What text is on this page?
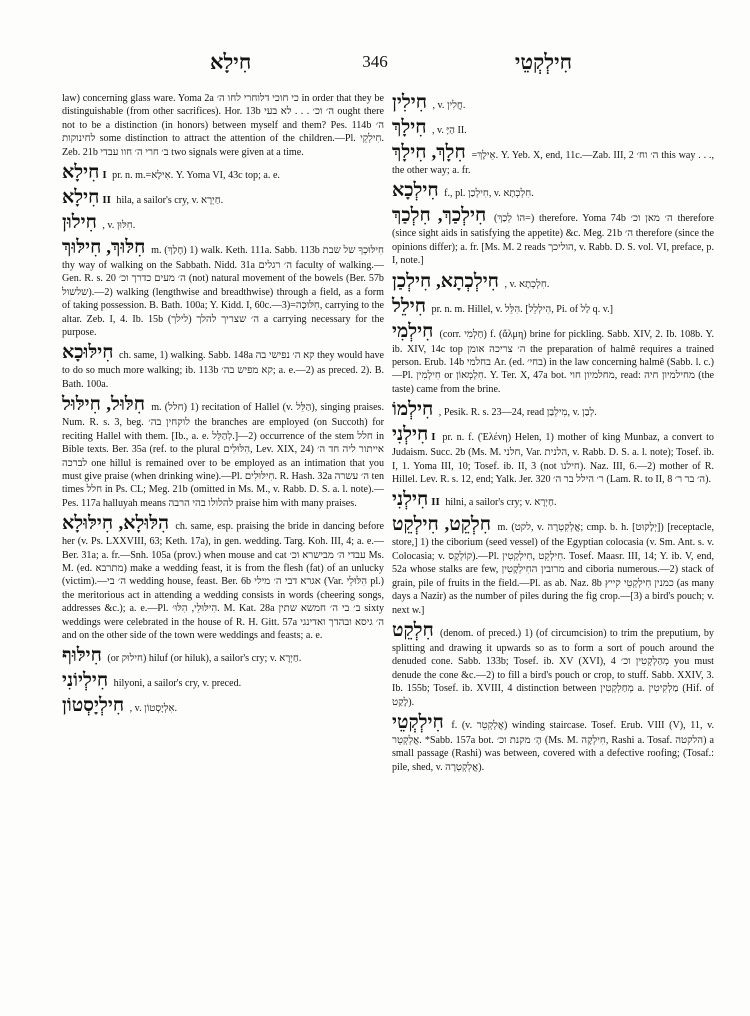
חִילָא	346	חִילְקְטֵי

law) concerning glass ware. Yoma 2a כי חוכי דלוחרי לחו ה׳ in order that they be distinguishable (from other sacrifices). Hor. 13b ה׳ וכ׳ . . . לא בעי ought there not to be a distinction (in honors) between myself and them? Pes. 114b ה׳ לחינוקות some distinction to attract the attention of the children.—Pl. חִילְקֵי. Zeb. 21b ב׳ חרי ה׳ חוו עבדי two signals were given at a time.

חִילָא I pr. n. m.=אִילָא. Y. Yoma VI, 43c top; a. e.

חִילָא II hila, a sailor's cry, v. חַיְרָא.

חִילוּן , v. חִלּוּן.

חִלּוּךְ, חִילּוּךְ m. (חָלַךְ) 1) walk. Keth. 111a. Sabb. 113b חִילּוּכְךָ של שבת thy way of walking on the Sabbath. Nidd. 31a ה׳ רגלים faculty of walking.—Gen. R. s. 20 ה׳ מעים כדרך וכ׳ (not) natural movement of the bowels (Ber. 57b שלשול).—2) walking (lengthwise and breadthwise) through a field, as a form of taking possession. B. Bath. 100a; Y. Kidd. I, 60c.—3)=חִלּוּכָה, carrying to the altar. Zeb. I, 4. Ib. 15b (לילך) ה׳ שצריך להלך a carrying necessary for the purpose.

חִילּוּכָא ch. same, 1) walking. Sabb. 148a קא ה׳ נפישי בה they would have to do so much more walking; ib. 113b קא מפיש בה׳; a. e.—2) as preced. 2). B. Bath. 100a.

חִלּוּל, חִילּוּל m. (חלל) 1) recitation of Hallel (v. הַלֵּל), singing praises. Num. R. s. 3, beg. לוקחין בה׳ the branches are employed (on Succoth) for reciting Hallel with them. [Ib., a. e. לְהַלֵּל.]—2) occurrence of the stem חלל in Bible texts. Ber. 35a (ref. to the plural הִלּוּלִים, Lev. XIX, 24) אייתור ליה חד ה׳ לברכה one hillul is remained over to be employed as an intimation that you must give praise (when drinking wine).—Pl. חִילּוּלִים. R. Hash. 32a ה׳ עשרה ten times חלל in Ps. CL; Meg. 21b (omitted in Ms. M., v. Rabb. D. S. a. l. note).—Pes. 117a halluyah means להלולו בהי הרבה praise him with many praises.

הִלּוּלָא, חִילּוּלָא ch. same, esp. praising the bride in dancing before her (v. Ps. LXXVIII, 63; Keth. 17a), in gen. wedding. Targ. Koh. III, 4; a. e.—Ber. 31a; a. fr.—Snh. 105a (prov.) when mouse and cat עבדי ה׳ מבישרא וכ׳ Ms. M. (ed. מתרבא) make a wedding feast, it is from the flesh (fat) of an unlucky (victim).—ה׳ בי wedding house, feast. Ber. 6b אגרא דבי ה׳ מילי (Var. הִלּוּלֵי pl.) the meritorious act in attending a wedding consists in words (cheering songs, addresses &c.); a. e.—Pl. הִילּוּלֵי, הִלּוּ׳. M. Kat. 28a ב׳ בי ה׳ חמשא שתין sixty weddings were celebrated in the house of R. H. Gitt. 57a ה׳ גיסא ובהדך ואדינגי and on the other side of the town were weddings and feasts; a. e.

חִילּוּף (or חילוּק) hiluf (or hiluk), a sailor's cry; v. חַיְרָא.

חִילְיוֹנִי hilyoni, a sailor's cry, v. preced.

חִילְיָסְטוֹן , v. אִלְיָסְטוֹן.

חִילִין , v. חֲלִין.

חִילָךְ , v. הַיָּ II.

חִלָךְ, חִילָךְ =אֵילָךְ. Y. Yeb. X, end, 11c.—Zab. III, 2 ה׳ וח׳ this way . . ., the other way; a. fr.

חִילְכָא f., pl. חִילְכַן, v. חִלְכְתָא.

חִילְכַךְ, חִלְכַךְ (הוֹ לְכַךְ=) therefore. Yoma 74b ה׳ מאן וכ׳ therefore (since sight aids in satisfying the appetite) &c. Meg. 21b ה׳ therefore (since the opinions differ); a. fr. [Ms. M. 2 reads הוליכך, v. Rabb. D. S. vol. VI, preface, p. I, note.]

חִילְכְתָא, חִילְכַן , v. חִלְכְתָא.

חִילֵל pr. n. m. Hillel, v. הִלֵּל. [הִילְלֵל, Pi. of לַל q. v.]

חִילְמִי (corr. חַלְמִי) f. (ἅλμη) brine for pickling. Sabb. XIV, 2. Ib. 108b. Y. ib. XIV, 14c top ה׳ צריכה אומן the preparation of halmê requires a trained person. Erub. 14b בחלמי Ar. (ed. בחי׳) in the law concerning halmê (Sabb. l. c.)—Pl. חִילְמִין or חִלְמְאוֹן. Y. Ter. X, 47a bot. מחלמיון חוי, read: מחילמיון חיה (the taste) came from the brine.

חִילְמוֹ , Pesik. R. s. 23—24, read מִילְבַן, v. לְבַן.

חִילְנִי I pr. n. f. (Ἑλένη) Helen, 1) mother of king Munbaz, a convert to Judaism. Succ. 2b (Ms. M. חלני, Var. הלנית, v. Rabb. D. S. a. l. note); Tosef. ib. I, 1. Yoma III, 10; Tosef. ib. II, 3 (not חילנו). Naz. III, 6.—2) mother of R. Hillel. Lev. R. s. 12, end; Yalk. Jer. 320 ר׳ הילל בר ה׳ (Lam. R. to II, 8 ה׳ בר ר׳).

חִילְנִי II hilni, a sailor's cry; v. חַיְרָא.

חִלְקֵט, חִילְקֵט m. (לקט, v. אֲלְקִטְרָה; cmp. b. h. [יְלָקוּט]) [receptacle, store,] 1) the ciborium (seed vessel) of the Egyptian colocasia (v. Sm. Ant. s. v. Colocasia; v. קוֹלְקָס).—Pl. חִילְקֵט ,חִילְקְטִין. Tosef. Maasr. III, 14; Y. ib. V, end, 52a whose stalks are few, מרובין החִילְקָטִין and ciboria numerous.—2) stack of grain, pile of fruits in the field.—Pl. as ab. Naz. 8b כמנין חִילְקְטֵי קייץ (as many days a Nazir) as the number of piles during the fig crop.—[3) a bird's pouch; v. next w.]

חִלְקֵט (denom. of preced.) 1) (of circumcision) to trim the preputium, by splitting and drawing it upwards so as to form a sort of pouch around the denuded cone. Sabb. 133b; Tosef. ib. XV (XVI), 4 מְהַלְקְטִין וכ׳ you must denude the cone &c.—2) to fill a bird's pouch or crop, to stuff. Sabb. XXIV, 3. Ib. 155b; Tosef. ib. XVIII, 4 distinction between מְחַלְקְטִין a. מַלְקִיטִין (Hif. of לָקַט).

חִילְקְטֵי f. (v. אֲלְקְטֵר) winding staircase. Tosef. Erub. VIII (V), 11, v. אֲלְקְטֵר. *Sabb. 157a bot. הָ׳ מקנת וכ׳ (Ms. M. חִילְקָה, Rashi a. Tosaf. הלקטה) a small passage (Rashi) was between, covered with a defective roofing; (Tosaf.: pile, shed, v. אֲלְקְטְרָה).
